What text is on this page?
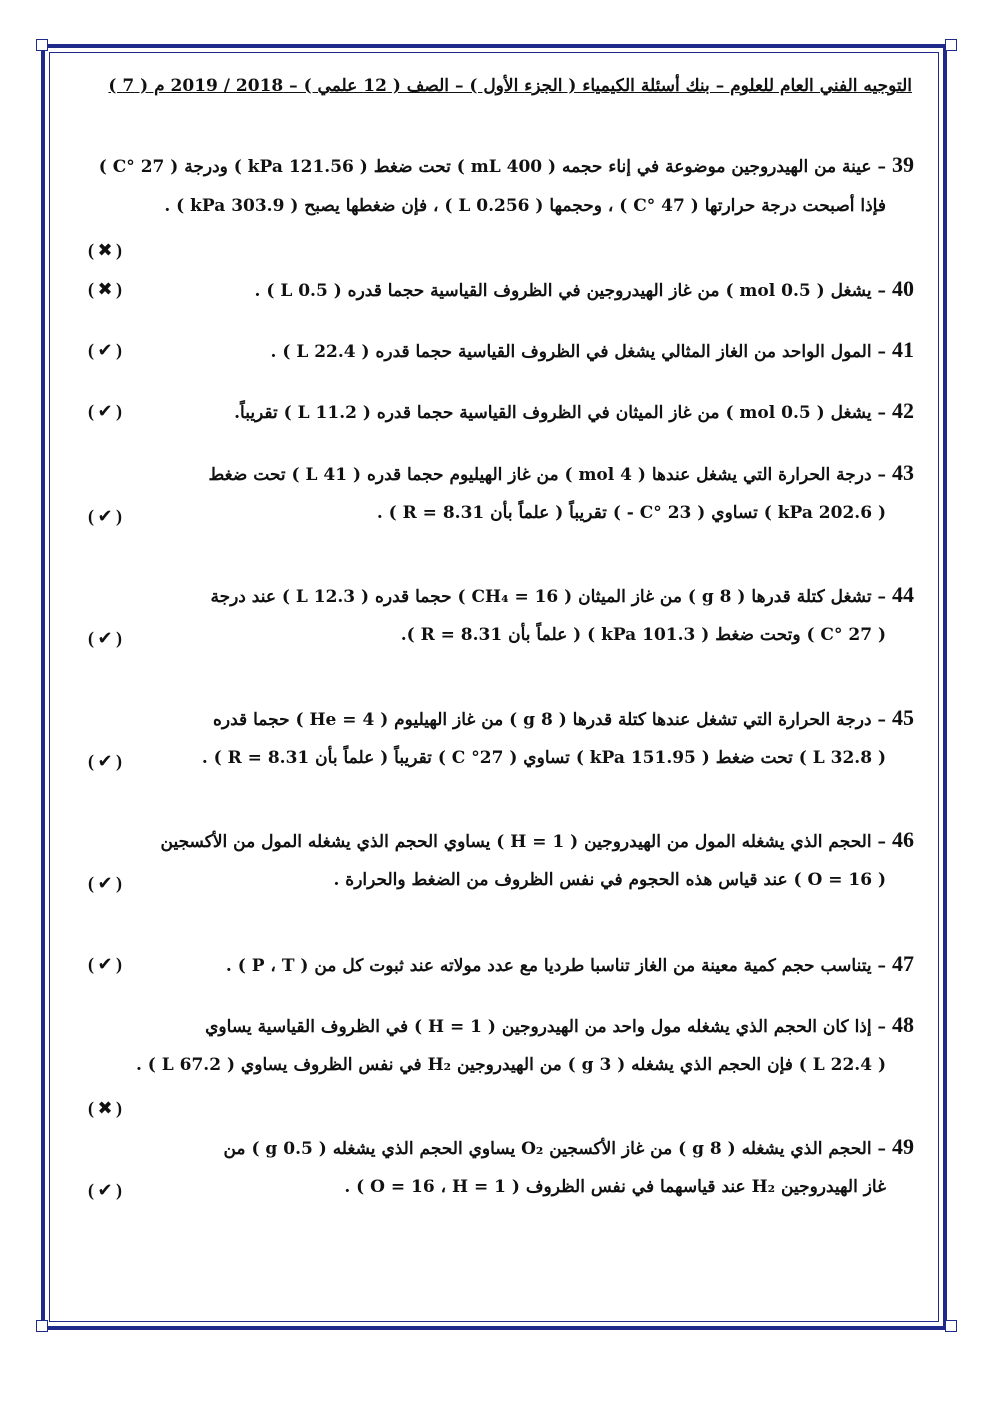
التوجيه الفني العام للعلوم – بنك أسئلة الكيمياء ( الجزء الأول ) – الصف ( 12 علمي ) – 2018 / 2019 م ( 7 )
39– عينة من الهيدروجين موضوعة في إناء حجمه ( 400 mL ) تحت ضغط ( 121.56 kPa ) ودرجة ( 27 °C )
فإذا أصبحت درجة حرارتها ( 47 °C ) ، وحجمها ( 0.256 L ) ، فإن ضغطها يصبح ( 303.9 kPa ) .
( ✖ )
40– يشغل ( 0.5 mol ) من غاز الهيدروجين في الظروف القياسية حجما قدره ( 0.5 L ) .
( ✖ )
41– المول الواحد من الغاز المثالي يشغل في الظروف القياسية حجما قدره ( 22.4 L ) .
( ✔ )
42– يشغل ( 0.5 mol ) من غاز الميثان في الظروف القياسية حجما قدره ( 11.2 L ) تقريباً.
( ✔ )
43– درجة الحرارة التي يشغل عندها ( 4 mol ) من غاز الهيليوم حجما قدره ( 41 L ) تحت ضغط
( 202.6 kPa ) تساوي ( 23 °C - ) تقريباً ( علماً بأن R = 8.31 ) .
( ✔ )
44– تشغل كتلة قدرها ( 8 g ) من غاز الميثان ( CH₄ = 16 ) حجما قدره ( 12.3 L ) عند درجة
( 27 °C ) وتحت ضغط ( 101.3 kPa ) ( علماً بأن R = 8.31 ).
( ✔ )
45– درجة الحرارة التي تشغل عندها كتلة قدرها ( 8 g ) من غاز الهيليوم ( He = 4 ) حجما قدره
( 32.8 L ) تحت ضغط ( 151.95 kPa ) تساوي ( 27° C ) تقريباً ( علماً بأن R = 8.31 ) .
( ✔ )
46– الحجم الذي يشغله المول من الهيدروجين ( H = 1 ) يساوي الحجم الذي يشغله المول من الأكسجين
( O = 16 ) عند قياس هذه الحجوم في نفس الظروف من الضغط والحرارة .
( ✔ )
47– يتناسب حجم كمية معينة من الغاز تناسبا طرديا مع عدد مولاته عند ثبوت كل من ( P ، T ) .
( ✔ )
48– إذا كان الحجم الذي يشغله مول واحد من الهيدروجين ( H = 1 ) في الظروف القياسية يساوي
( 22.4 L ) فإن الحجم الذي يشغله ( 3 g ) من الهيدروجين H₂ في نفس الظروف يساوي ( 67.2 L ) .
( ✖ )
49– الحجم الذي يشغله ( 8 g ) من غاز الأكسجين O₂ يساوي الحجم الذي يشغله ( 0.5 g ) من
غاز الهيدروجين H₂ عند قياسهما في نفس الظروف ( O = 16 ، H = 1 ) .
( ✔ )
